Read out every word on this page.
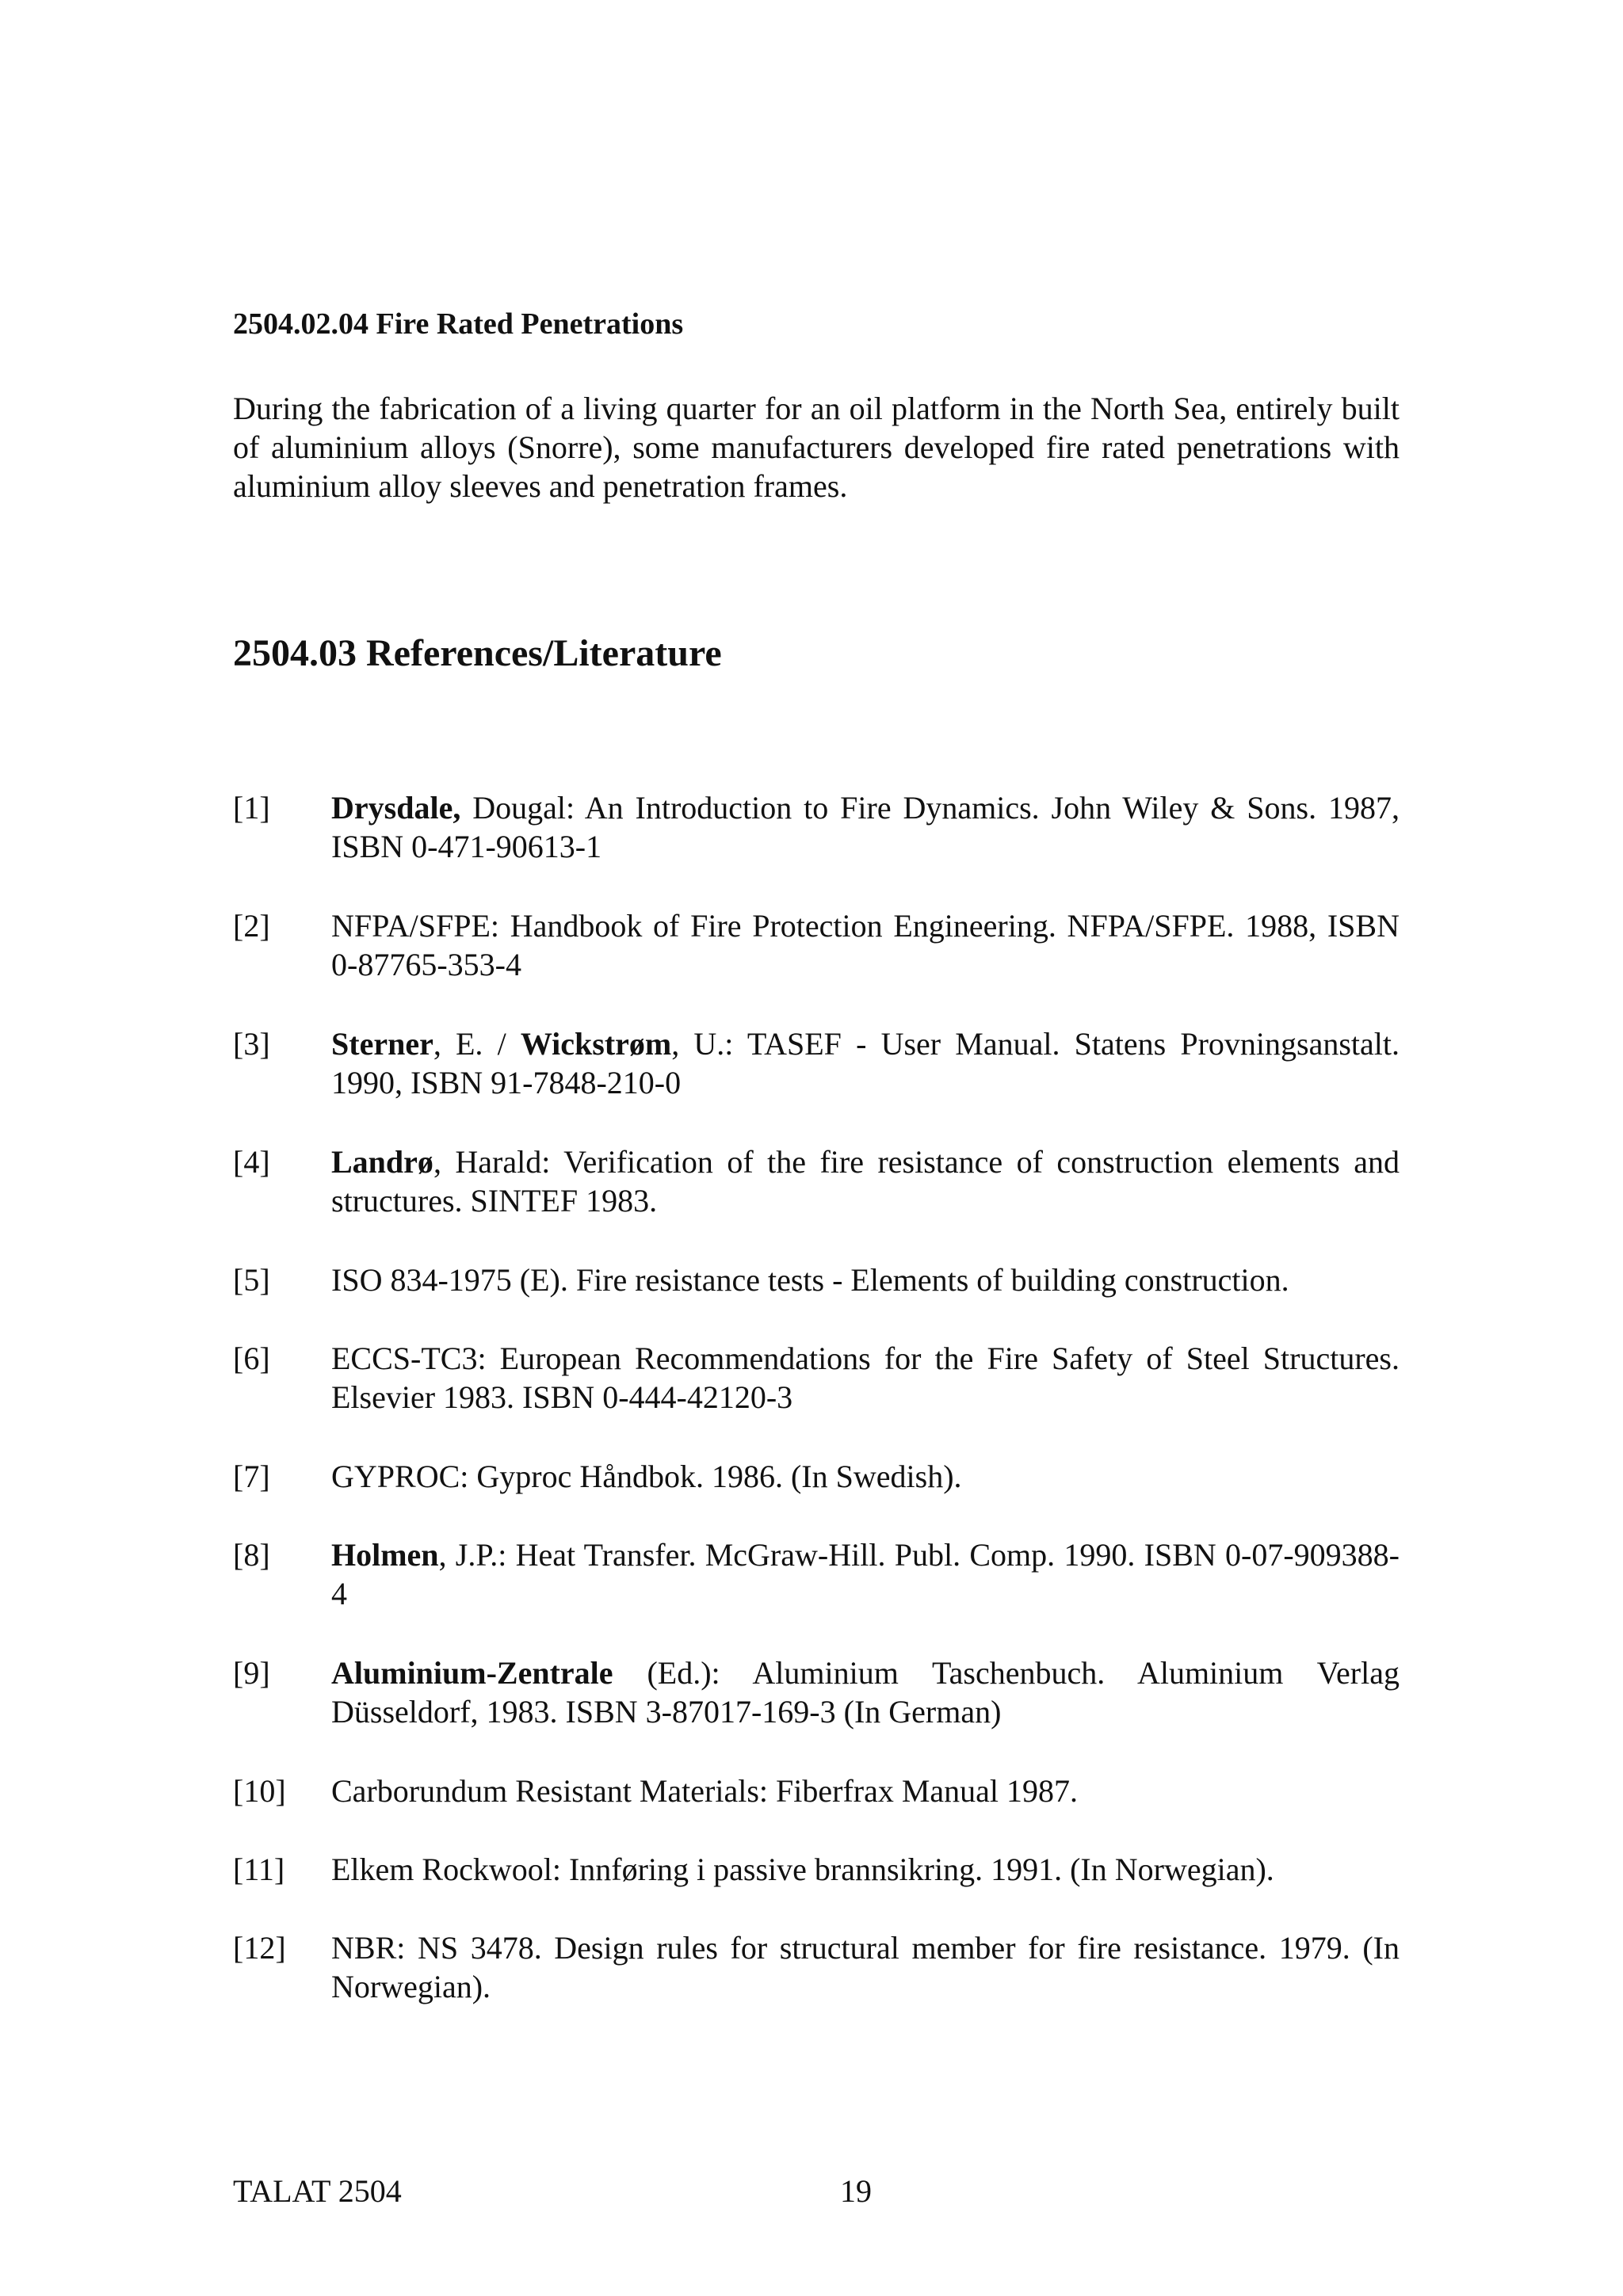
2504.02.04 Fire Rated Penetrations

During the fabrication of a living quarter for an oil platform in the North Sea, entirely built of aluminium alloys (Snorre), some manufacturers developed fire rated penetrations with aluminium alloy sleeves and penetration frames.

2504.03 References/Literature
[1] Drysdale, Dougal: An Introduction to Fire Dynamics. John Wiley & Sons. 1987, ISBN 0-471-90613-1
[2] NFPA/SFPE: Handbook of Fire Protection Engineering. NFPA/SFPE. 1988, ISBN 0-87765-353-4
[3] Sterner, E. / Wickstrøm, U.: TASEF - User Manual. Statens Provningsanstalt. 1990, ISBN 91-7848-210-0
[4] Landrø, Harald: Verification of the fire resistance of construction elements and structures. SINTEF 1983.
[5] ISO 834-1975 (E). Fire resistance tests - Elements of building construction.
[6] ECCS-TC3: European Recommendations for the Fire Safety of Steel Structures. Elsevier 1983. ISBN 0-444-42120-3
[7] GYPROC: Gyproc Håndbok. 1986. (In Swedish).
[8] Holmen, J.P.: Heat Transfer. McGraw-Hill. Publ. Comp. 1990. ISBN 0-07-909388-4
[9] Aluminium-Zentrale (Ed.): Aluminium Taschenbuch. Aluminium Verlag Düsseldorf, 1983. ISBN 3-87017-169-3 (In German)
[10] Carborundum Resistant Materials: Fiberfrax Manual 1987.
[11] Elkem Rockwool: Innføring i passive brannsikring. 1991. (In Norwegian).
[12] NBR: NS 3478. Design rules for structural member for fire resistance. 1979. (In Norwegian).
TALAT 2504	19
